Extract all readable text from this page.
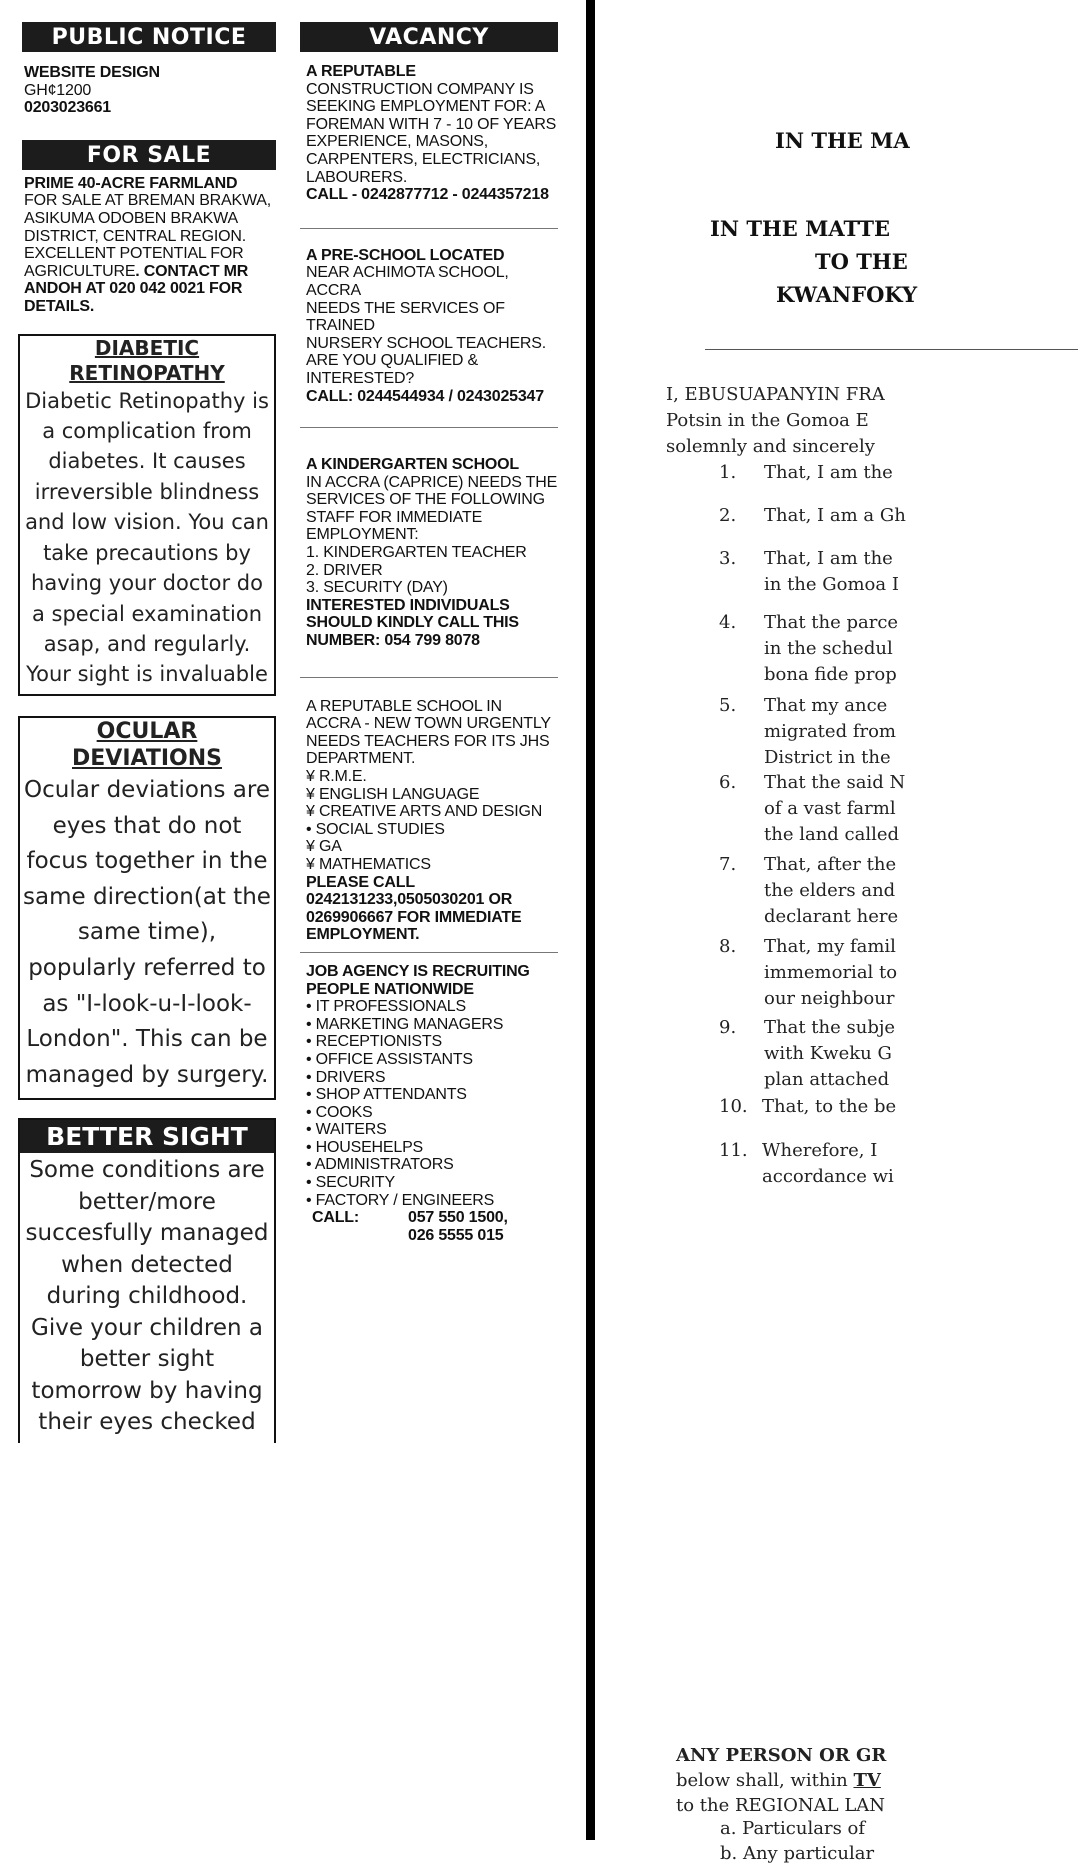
PUBLIC NOTICE
WEBSITE DESIGN
GH¢1200
0203023661
FOR SALE
PRIME 40-ACRE FARMLAND
FOR SALE AT BREMAN BRAKWA, ASIKUMA ODOBEN BRAKWA DISTRICT, CENTRAL REGION. EXCELLENT POTENTIAL FOR AGRICULTURE. CONTACT MR ANDOH AT 020 042 0021 FOR DETAILS.
DIABETIC RETINOPATHY
Diabetic Retinopathy is a complication from diabetes. It causes irreversible blindness and low vision. You can take precautions by having your doctor do a special examination asap, and regularly. Your sight is invaluable
OCULAR DEVIATIONS
Ocular deviations are eyes that do not focus together in the same direction(at the same time), popularly referred to as "I-look-u-I-look-London". This can be managed by surgery.
BETTER SIGHT
Some conditions are better/more succesfully managed when detected during childhood. Give your children a better sight tomorrow by having their eyes checked
VACANCY
A REPUTABLE
CONSTRUCTION COMPANY IS SEEKING EMPLOYMENT FOR: A FOREMAN WITH 7 - 10 OF YEARS EXPERIENCE, MASONS, CARPENTERS, ELECTRICIANS, LABOURERS.
CALL - 0242877712 - 0244357218
A PRE-SCHOOL LOCATED
NEAR ACHIMOTA SCHOOL, ACCRA
NEEDS THE SERVICES OF TRAINED
NURSERY SCHOOL TEACHERS.
ARE YOU QUALIFIED & INTERESTED?
CALL: 0244544934 / 0243025347
A KINDERGARTEN SCHOOL
IN ACCRA (CAPRICE) NEEDS THE SERVICES OF THE FOLLOWING STAFF FOR IMMEDIATE EMPLOYMENT:
1. KINDERGARTEN TEACHER
2. DRIVER
3. SECURITY (DAY)
INTERESTED INDIVIDUALS SHOULD KINDLY CALL THIS NUMBER: 054 799 8078
A REPUTABLE SCHOOL IN ACCRA - NEW TOWN URGENTLY NEEDS TEACHERS FOR ITS JHS DEPARTMENT.
¥ R.M.E.
¥ ENGLISH LANGUAGE
¥ CREATIVE ARTS AND DESIGN
• SOCIAL STUDIES
¥ GA
¥ MATHEMATICS
PLEASE CALL 0242131233,0505030201 OR 0269906667 FOR IMMEDIATE EMPLOYMENT.
JOB AGENCY IS RECRUITING PEOPLE NATIONWIDE
• IT PROFESSIONALS
• MARKETING MANAGERS
• RECEPTIONISTS
• OFFICE ASSISTANTS
• DRIVERS
• SHOP ATTENDANTS
• COOKS
• WAITERS
• HOUSEHELPS
• ADMINISTRATORS
• SECURITY
• FACTORY / ENGINEERS
CALL:	057 550 1500,
026 5555 015
IN THE MA
IN THE MATTE
TO THE
KWANFOKY
I, EBUSUAPANYIN FRA
Potsin in the Gomoa E
solemnly and sincerely
1. That, I am the
2. That, I am a Gh
3. That, I am the
in the Gomoa I
4. That the parce
in the schedul
bona fide prop
5. That my ance
migrated from
District in the
6. That the said N
of a vast farml
the land called
7. That, after the
the elders and
declarant here
8. That, my famil
immemorial to
our neighbour
9. That the subje
with Kweku G
plan attached
10. That, to the be
11. Wherefore, I
accordance wi
ANY PERSON OR GR
below shall, within TV
to the REGIONAL LAN
a. Particulars of
b. Any particular
